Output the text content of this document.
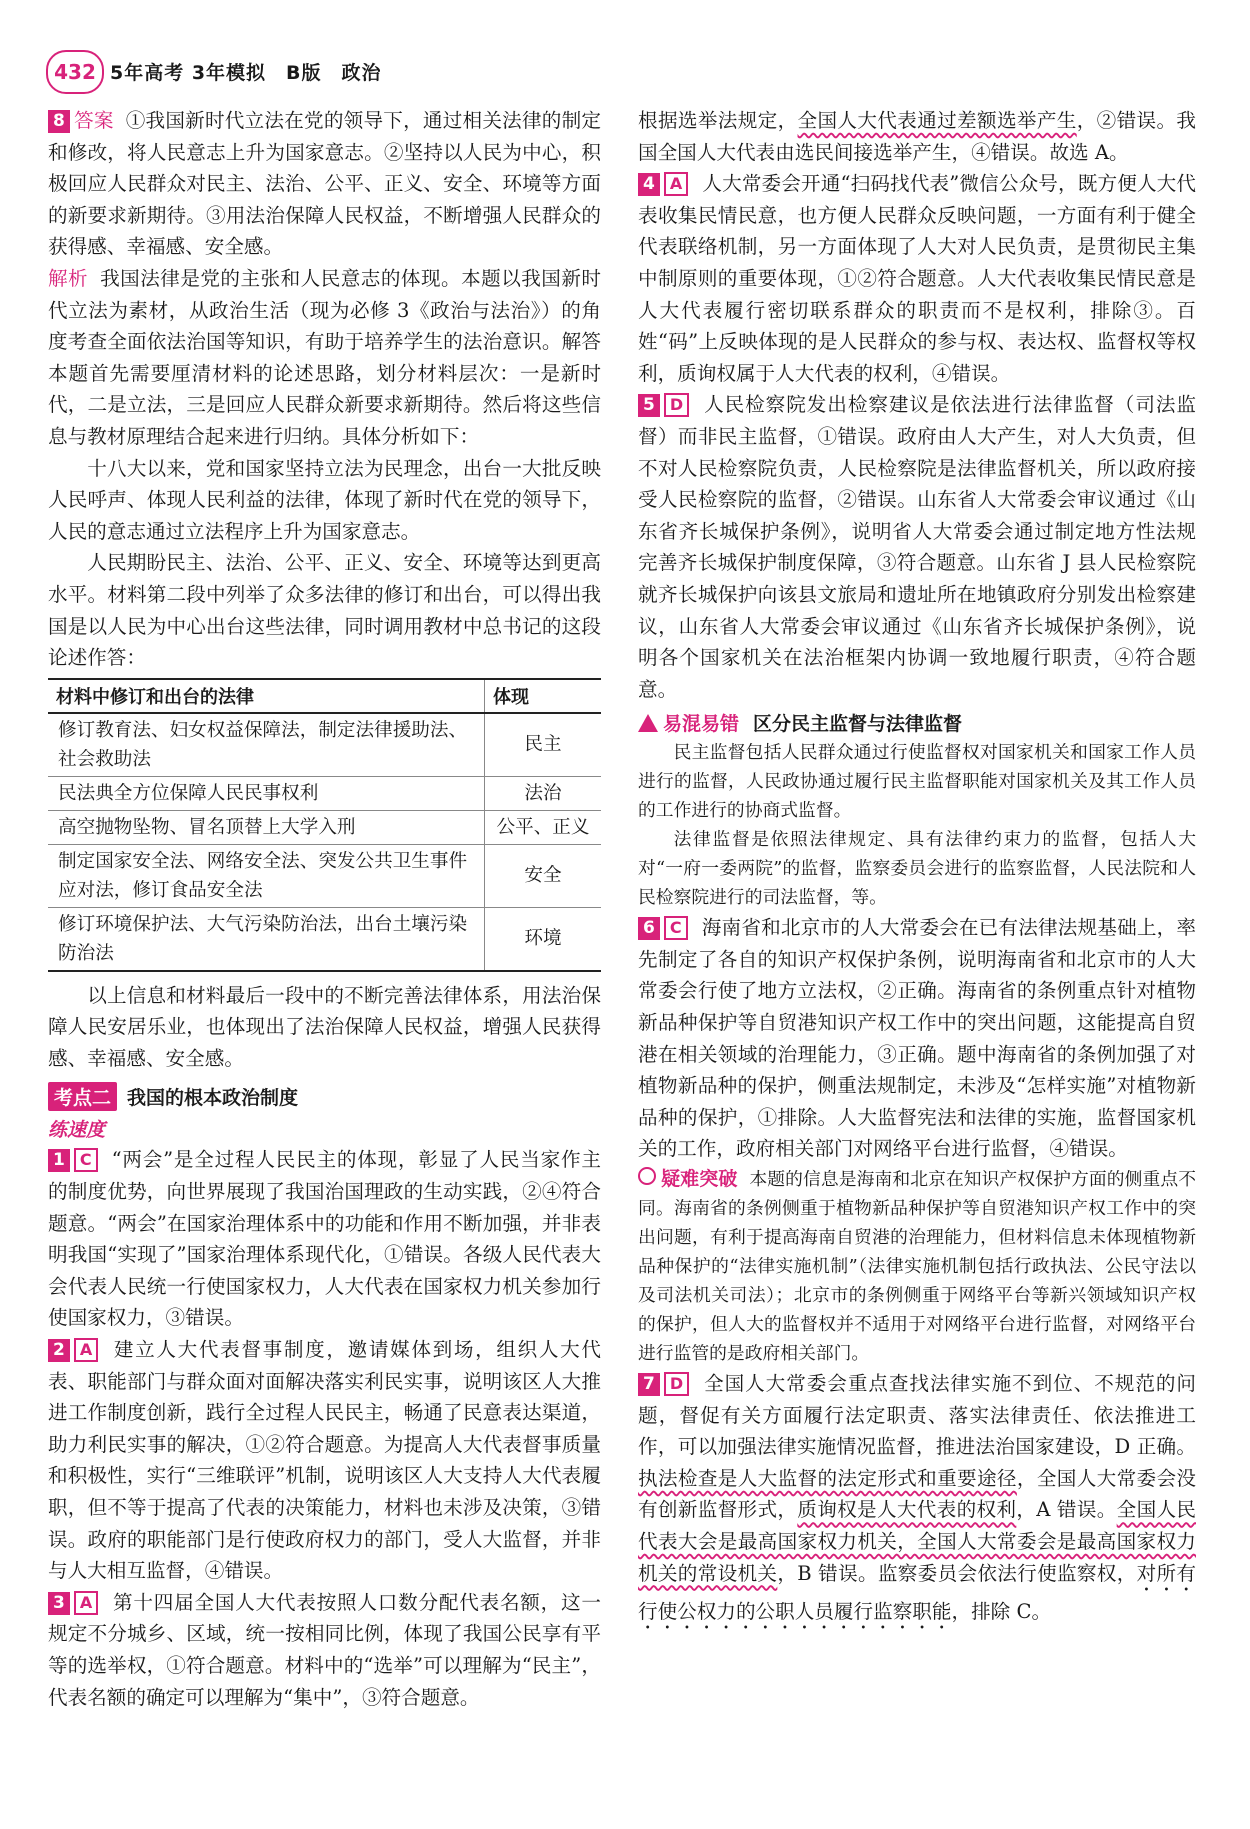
432 5年高考 3年模拟　B版　政治

8 答案 ①我国新时代立法在党的领导下，通过相关法律的制定和修改，将人民意志上升为国家意志。②坚持以人民为中心，积极回应人民群众对民主、法治、公平、正义、安全、环境等方面的新要求新期待。③用法治保障人民权益，不断增强人民群众的获得感、幸福感、安全感。

解析 我国法律是党的主张和人民意志的体现。本题以我国新时代立法为素材，从政治生活（现为必修 3《政治与法治》）的角度考查全面依法治国等知识，有助于培养学生的法治意识。解答本题首先需要厘清材料的论述思路，划分材料层次：一是新时代，二是立法，三是回应人民群众新要求新期待。然后将这些信息与教材原理结合起来进行归纳。具体分析如下：

十八大以来，党和国家坚持立法为民理念，出台一大批反映人民呼声、体现人民利益的法律，体现了新时代在党的领导下，人民的意志通过立法程序上升为国家意志。

人民期盼民主、法治、公平、正义、安全、环境等达到更高水平。材料第二段中列举了众多法律的修订和出台，可以得出我国是以人民为中心出台这些法律，同时调用教材中总书记的这段论述作答：

材料中修订和出台的法律	体现
修订教育法、妇女权益保障法，制定法律援助法、社会救助法	民主
民法典全方位保障人民民事权利	法治
高空抛物坠物、冒名顶替上大学入刑	公平、正义
制定国家安全法、网络安全法、突发公共卫生事件应对法，修订食品安全法	安全
修订环境保护法、大气污染防治法，出台土壤污染防治法	环境

以上信息和材料最后一段中的不断完善法律体系，用法治保障人民安居乐业，也体现出了法治保障人民权益，增强人民获得感、幸福感、安全感。

考点二 我国的根本政治制度
练速度

1 C “两会”是全过程人民民主的体现，彰显了人民当家作主的制度优势，向世界展现了我国治国理政的生动实践，②④符合题意。“两会”在国家治理体系中的功能和作用不断加强，并非表明我国“实现了”国家治理体系现代化，①错误。各级人民代表大会代表人民统一行使国家权力，人大代表在国家权力机关参加行使国家权力，③错误。

2 A 建立人大代表督事制度，邀请媒体到场，组织人大代表、职能部门与群众面对面解决落实利民实事，说明该区人大推进工作制度创新，践行全过程人民民主，畅通了民意表达渠道，助力利民实事的解决，①②符合题意。为提高人大代表督事质量和积极性，实行“三维联评”机制，说明该区人大支持人大代表履职，但不等于提高了代表的决策能力，材料也未涉及决策，③错误。政府的职能部门是行使政府权力的部门，受人大监督，并非与人大相互监督，④错误。

3 A 第十四届全国人大代表按照人口数分配代表名额，这一规定不分城乡、区域，统一按相同比例，体现了我国公民享有平等的选举权，①符合题意。材料中的“选举”可以理解为“民主”，代表名额的确定可以理解为“集中”，③符合题意。

根据选举法规定，全国人大代表通过差额选举产生，②错误。我国全国人大代表由选民间接选举产生，④错误。故选 A。

4 A 人大常委会开通“扫码找代表”微信公众号，既方便人大代表收集民情民意，也方便人民群众反映问题，一方面有利于健全代表联络机制，另一方面体现了人大对人民负责，是贯彻民主集中制原则的重要体现，①②符合题意。人大代表收集民情民意是人大代表履行密切联系群众的职责而不是权利，排除③。百姓“码”上反映体现的是人民群众的参与权、表达权、监督权等权利，质询权属于人大代表的权利，④错误。

5 D 人民检察院发出检察建议是依法进行法律监督（司法监督）而非民主监督，①错误。政府由人大产生，对人大负责，但不对人民检察院负责，人民检察院是法律监督机关，所以政府接受人民检察院的监督，②错误。山东省人大常委会审议通过《山东省齐长城保护条例》，说明省人大常委会通过制定地方性法规完善齐长城保护制度保障，③符合题意。山东省 J 县人民检察院就齐长城保护向该县文旅局和遗址所在地镇政府分别发出检察建议，山东省人大常委会审议通过《山东省齐长城保护条例》，说明各个国家机关在法治框架内协调一致地履行职责，④符合题意。

易混易错 区分民主监督与法律监督

民主监督包括人民群众通过行使监督权对国家机关和国家工作人员进行的监督，人民政协通过履行民主监督职能对国家机关及其工作人员的工作进行的协商式监督。

法律监督是依照法律规定、具有法律约束力的监督，包括人大对“一府一委两院”的监督，监察委员会进行的监察监督，人民法院和人民检察院进行的司法监督，等。

6 C 海南省和北京市的人大常委会在已有法律法规基础上，率先制定了各自的知识产权保护条例，说明海南省和北京市的人大常委会行使了地方立法权，②正确。海南省的条例重点针对植物新品种保护等自贸港知识产权工作中的突出问题，这能提高自贸港在相关领域的治理能力，③正确。题中海南省的条例加强了对植物新品种的保护，侧重法规制定，未涉及“怎样实施”对植物新品种的保护，①排除。人大监督宪法和法律的实施，监督国家机关的工作，政府相关部门对网络平台进行监督，④错误。

疑难突破 本题的信息是海南和北京在知识产权保护方面的侧重点不同。海南省的条例侧重于植物新品种保护等自贸港知识产权工作中的突出问题，有利于提高海南自贸港的治理能力，但材料信息未体现植物新品种保护的“法律实施机制”（法律实施机制包括行政执法、公民守法以及司法机关司法）；北京市的条例侧重于网络平台等新兴领域知识产权的保护，但人大的监督权并不适用于对网络平台进行监督，对网络平台进行监管的是政府相关部门。

7 D 全国人大常委会重点查找法律实施不到位、不规范的问题，督促有关方面履行法定职责、落实法律责任、依法推进工作，可以加强法律实施情况监督，推进法治国家建设，D 正确。执法检查是人大监督的法定形式和重要途径，全国人大常委会没有创新监督形式，质询权是人大代表的权利，A 错误。全国人民代表大会是最高国家权力机关，全国人大常委会是最高国家权力机关的常设机关，B 错误。监察委员会依法行使监察权，对所有行使公权力的公职人员履行监察职能，排除 C。
